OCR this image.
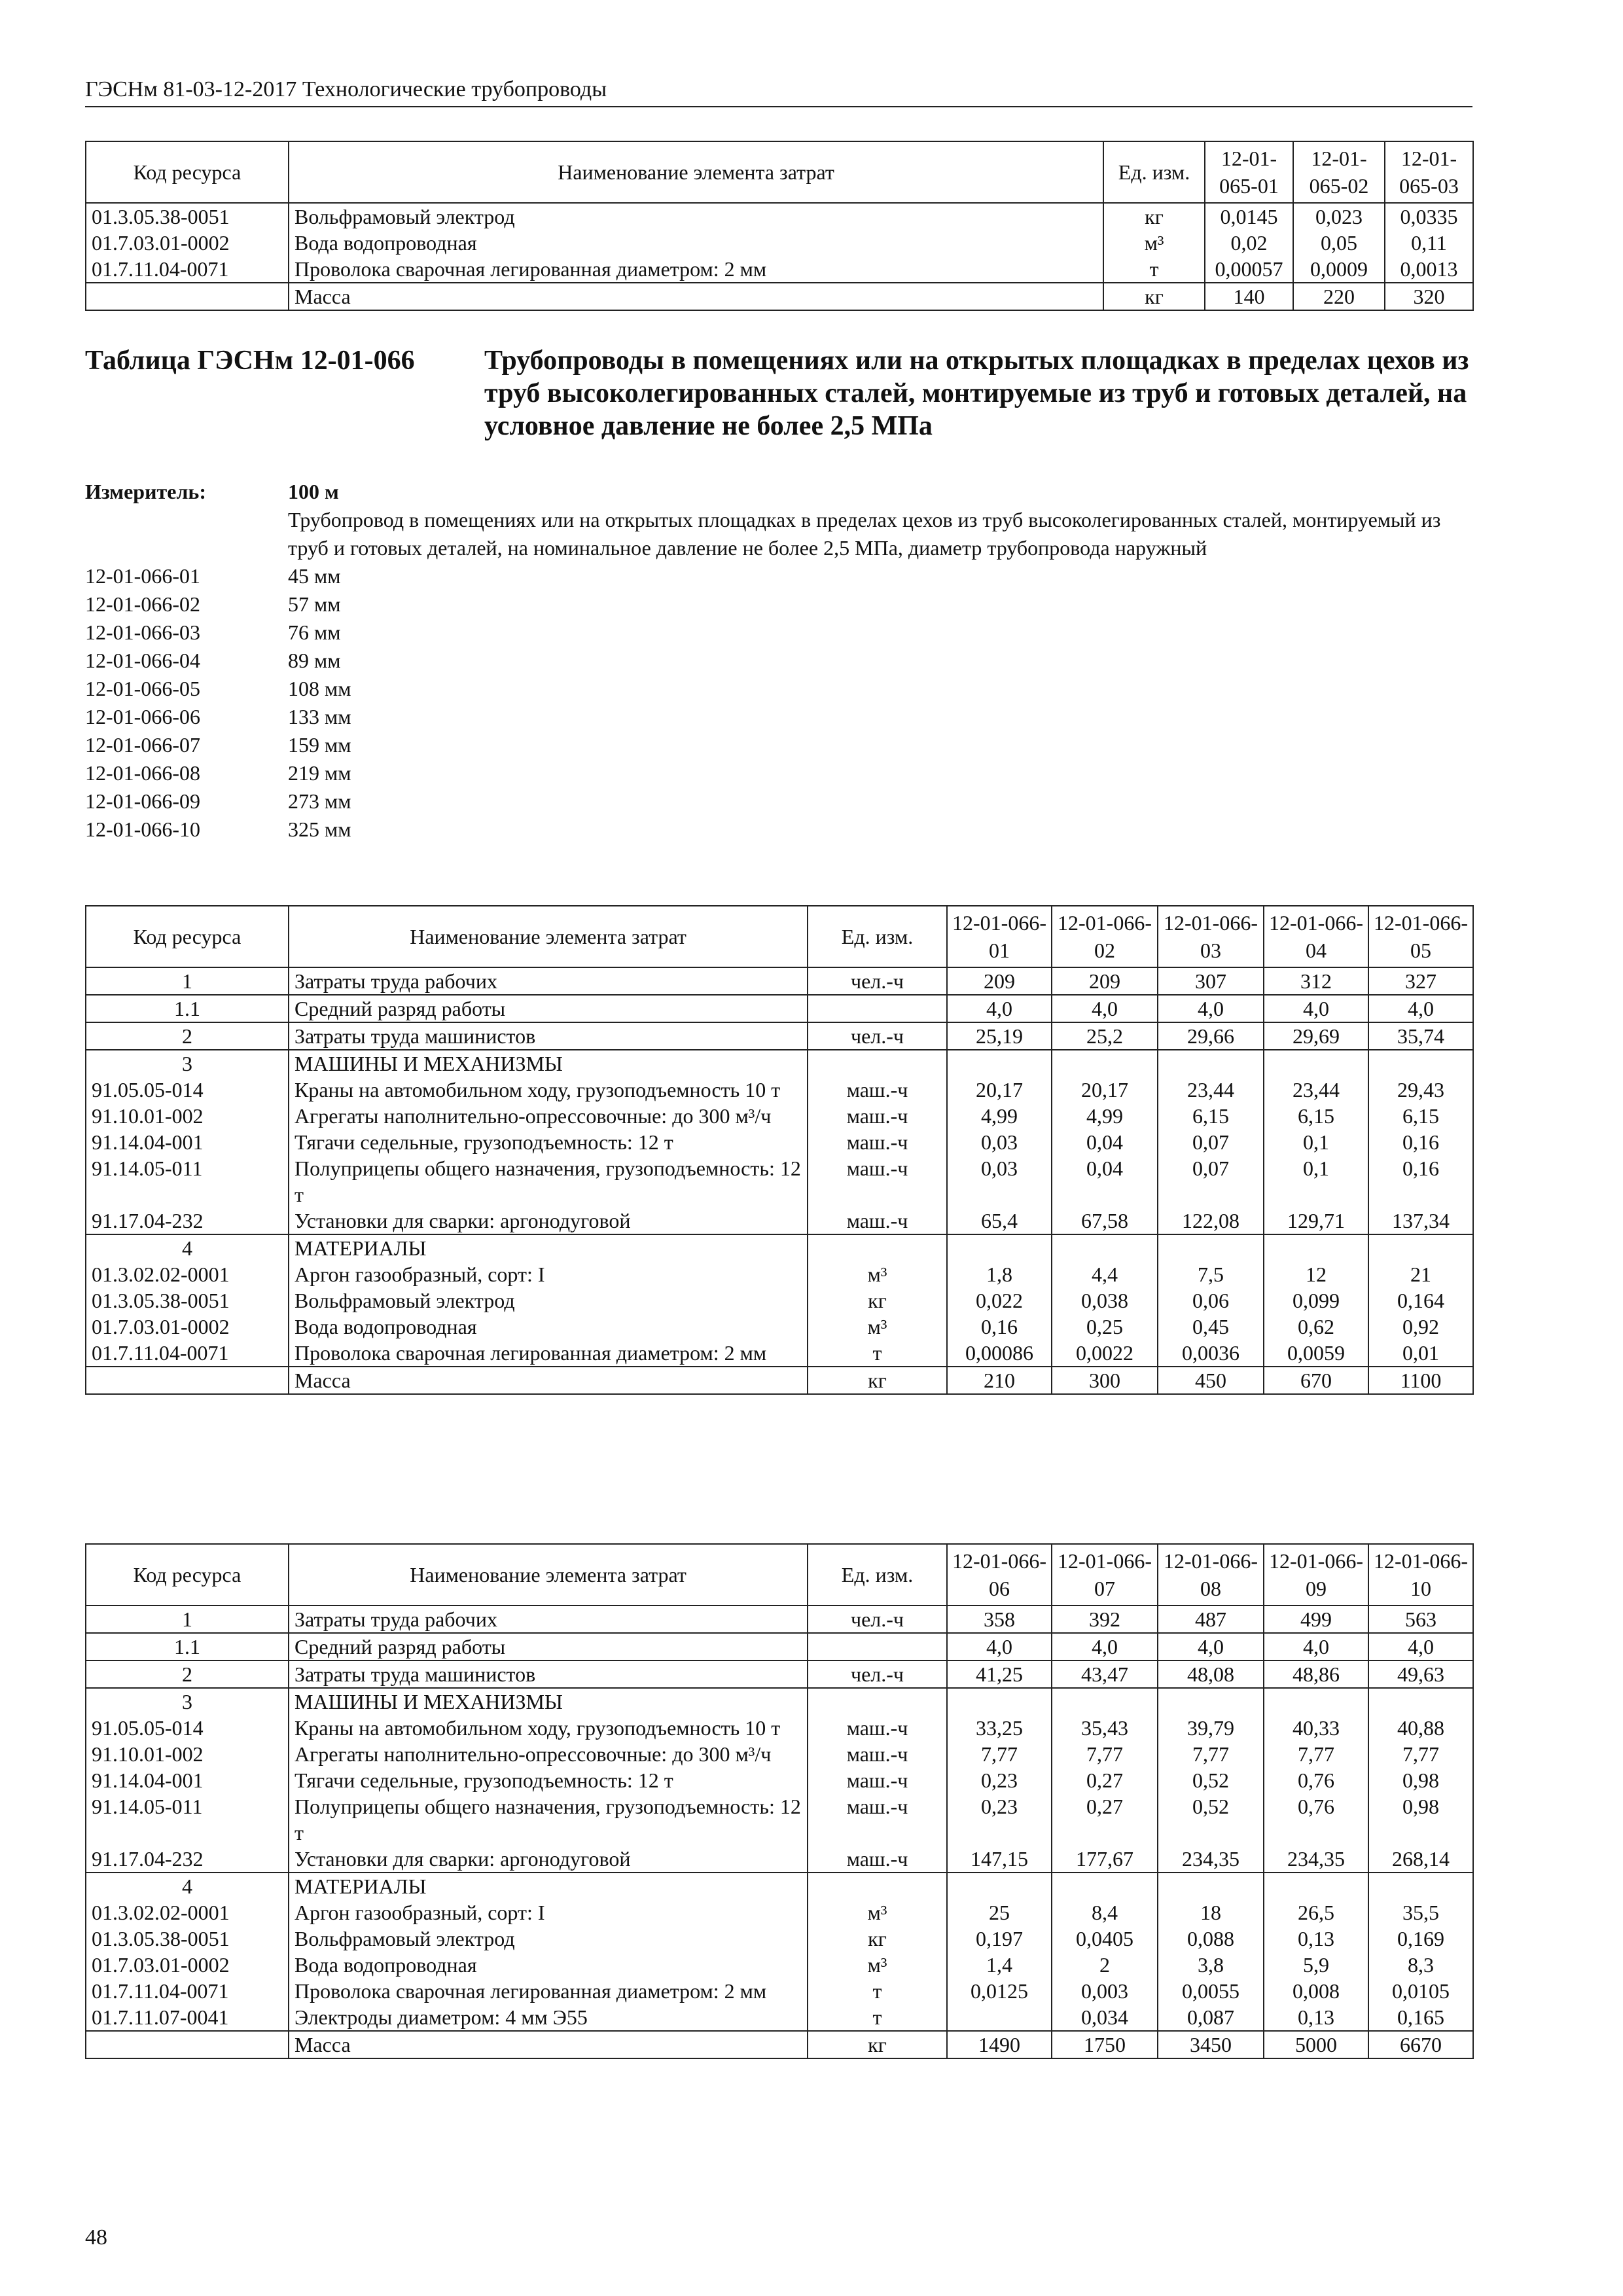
ГЭСНм 81-03-12-2017 Технологические трубопроводы
Код ресурса	Наименование элемента затрат	Ед. изм.	12-01-065-01	12-01-065-02	12-01-065-03
01.3.05.38-0051	Вольфрамовый электрод	кг	0,0145	0,023	0,0335
01.7.03.01-0002	Вода водопроводная	м³	0,02	0,05	0,11
01.7.11.04-0071	Проволока сварочная легированная диаметром: 2 мм	т	0,00057	0,0009	0,0013
	Масса	кг	140	220	320
Таблица ГЭСНм 12-01-066	Трубопроводы в помещениях или на открытых площадках в пределах цехов из труб высоколегированных сталей, монтируемые из труб и готовых деталей, на условное давление не более 2,5 МПа
Измеритель:	100 м
Трубопровод в помещениях или на открытых площадках в пределах цехов из труб высоколегированных сталей, монтируемый из труб и готовых деталей, на номинальное давление не более 2,5 МПа, диаметр трубопровода наружный
12-01-066-01	45 мм
12-01-066-02	57 мм
12-01-066-03	76 мм
12-01-066-04	89 мм
12-01-066-05	108 мм
12-01-066-06	133 мм
12-01-066-07	159 мм
12-01-066-08	219 мм
12-01-066-09	273 мм
12-01-066-10	325 мм
Код ресурса	Наименование элемента затрат	Ед. изм.	12-01-066-01	12-01-066-02	12-01-066-03	12-01-066-04	12-01-066-05
1	Затраты труда рабочих	чел.-ч	209	209	307	312	327
1.1	Средний разряд работы		4,0	4,0	4,0	4,0	4,0
2	Затраты труда машинистов	чел.-ч	25,19	25,2	29,66	29,69	35,74
3	МАШИНЫ И МЕХАНИЗМЫ						
91.05.05-014	Краны на автомобильном ходу, грузоподъемность 10 т	маш.-ч	20,17	20,17	23,44	23,44	29,43
91.10.01-002	Агрегаты наполнительно-опрессовочные: до 300 м³/ч	маш.-ч	4,99	4,99	6,15	6,15	6,15
91.14.04-001	Тягачи седельные, грузоподъемность: 12 т	маш.-ч	0,03	0,04	0,07	0,1	0,16
91.14.05-011	Полуприцепы общего назначения, грузоподъемность: 12 т	маш.-ч	0,03	0,04	0,07	0,1	0,16
91.17.04-232	Установки для сварки: аргонодуговой	маш.-ч	65,4	67,58	122,08	129,71	137,34
4	МАТЕРИАЛЫ						
01.3.02.02-0001	Аргон газообразный, сорт: I	м³	1,8	4,4	7,5	12	21
01.3.05.38-0051	Вольфрамовый электрод	кг	0,022	0,038	0,06	0,099	0,164
01.7.03.01-0002	Вода водопроводная	м³	0,16	0,25	0,45	0,62	0,92
01.7.11.04-0071	Проволока сварочная легированная диаметром: 2 мм	т	0,00086	0,0022	0,0036	0,0059	0,01
	Масса	кг	210	300	450	670	1100
Код ресурса	Наименование элемента затрат	Ед. изм.	12-01-066-06	12-01-066-07	12-01-066-08	12-01-066-09	12-01-066-10
1	Затраты труда рабочих	чел.-ч	358	392	487	499	563
1.1	Средний разряд работы		4,0	4,0	4,0	4,0	4,0
2	Затраты труда машинистов	чел.-ч	41,25	43,47	48,08	48,86	49,63
3	МАШИНЫ И МЕХАНИЗМЫ						
91.05.05-014	Краны на автомобильном ходу, грузоподъемность 10 т	маш.-ч	33,25	35,43	39,79	40,33	40,88
91.10.01-002	Агрегаты наполнительно-опрессовочные: до 300 м³/ч	маш.-ч	7,77	7,77	7,77	7,77	7,77
91.14.04-001	Тягачи седельные, грузоподъемность: 12 т	маш.-ч	0,23	0,27	0,52	0,76	0,98
91.14.05-011	Полуприцепы общего назначения, грузоподъемность: 12 т	маш.-ч	0,23	0,27	0,52	0,76	0,98
91.17.04-232	Установки для сварки: аргонодуговой	маш.-ч	147,15	177,67	234,35	234,35	268,14
4	МАТЕРИАЛЫ						
01.3.02.02-0001	Аргон газообразный, сорт: I	м³	25	8,4	18	26,5	35,5
01.3.05.38-0051	Вольфрамовый электрод	кг	0,197	0,0405	0,088	0,13	0,169
01.7.03.01-0002	Вода водопроводная	м³	1,4	2	3,8	5,9	8,3
01.7.11.04-0071	Проволока сварочная легированная диаметром: 2 мм	т	0,0125	0,003	0,0055	0,008	0,0105
01.7.11.07-0041	Электроды диаметром: 4 мм Э55	т		0,034	0,087	0,13	0,165
	Масса	кг	1490	1750	3450	5000	6670
48
